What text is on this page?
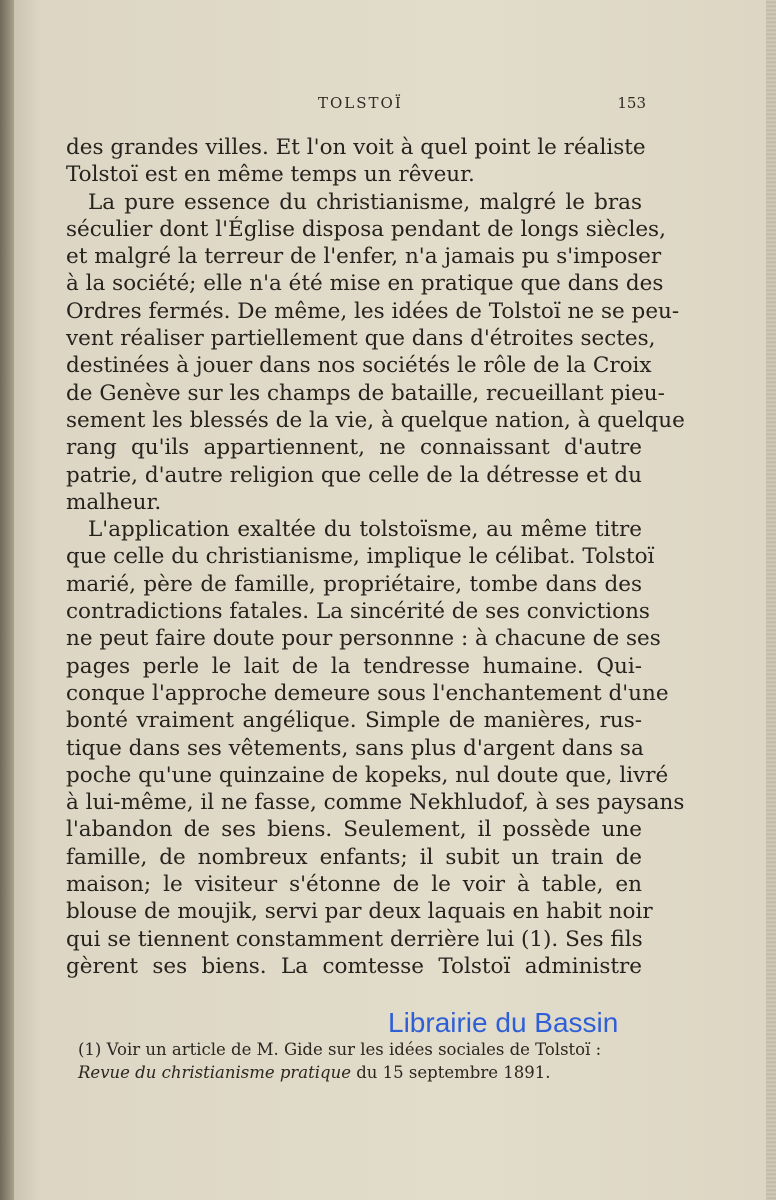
TOLSTOÏ	153
des grandes villes. Et l'on voit à quel point le réaliste
Tolstoï est en même temps un rêveur.
La pure essence du christianisme, malgré le bras
séculier dont l'Église disposa pendant de longs siècles,
et malgré la terreur de l'enfer, n'a jamais pu s'imposer
à la société; elle n'a été mise en pratique que dans des
Ordres fermés. De même, les idées de Tolstoï ne se peu-
vent réaliser partiellement que dans d'étroites sectes,
destinées à jouer dans nos sociétés le rôle de la Croix
de Genève sur les champs de bataille, recueillant pieu-
sement les blessés de la vie, à quelque nation, à quelque
rang qu'ils appartiennent, ne connaissant d'autre
patrie, d'autre religion que celle de la détresse et du
malheur.
L'application exaltée du tolstoïsme, au même titre
que celle du christianisme, implique le célibat. Tolstoï
marié, père de famille, propriétaire, tombe dans des
contradictions fatales. La sincérité de ses convictions
ne peut faire doute pour personnne : à chacune de ses
pages perle le lait de la tendresse humaine. Qui-
conque l'approche demeure sous l'enchantement d'une
bonté vraiment angélique. Simple de manières, rus-
tique dans ses vêtements, sans plus d'argent dans sa
poche qu'une quinzaine de kopeks, nul doute que, livré
à lui-même, il ne fasse, comme Nekhludof, à ses paysans
l'abandon de ses biens. Seulement, il possède une
famille, de nombreux enfants; il subit un train de
maison; le visiteur s'étonne de le voir à table, en
blouse de moujik, servi par deux laquais en habit noir
qui se tiennent constamment derrière lui (1). Ses fils
gèrent ses biens. La comtesse Tolstoï administre
Librairie du Bassin
(1) Voir un article de M. Gide sur les idées sociales de Tolstoï :
Revue du christianisme pratique du 15 septembre 1891.
